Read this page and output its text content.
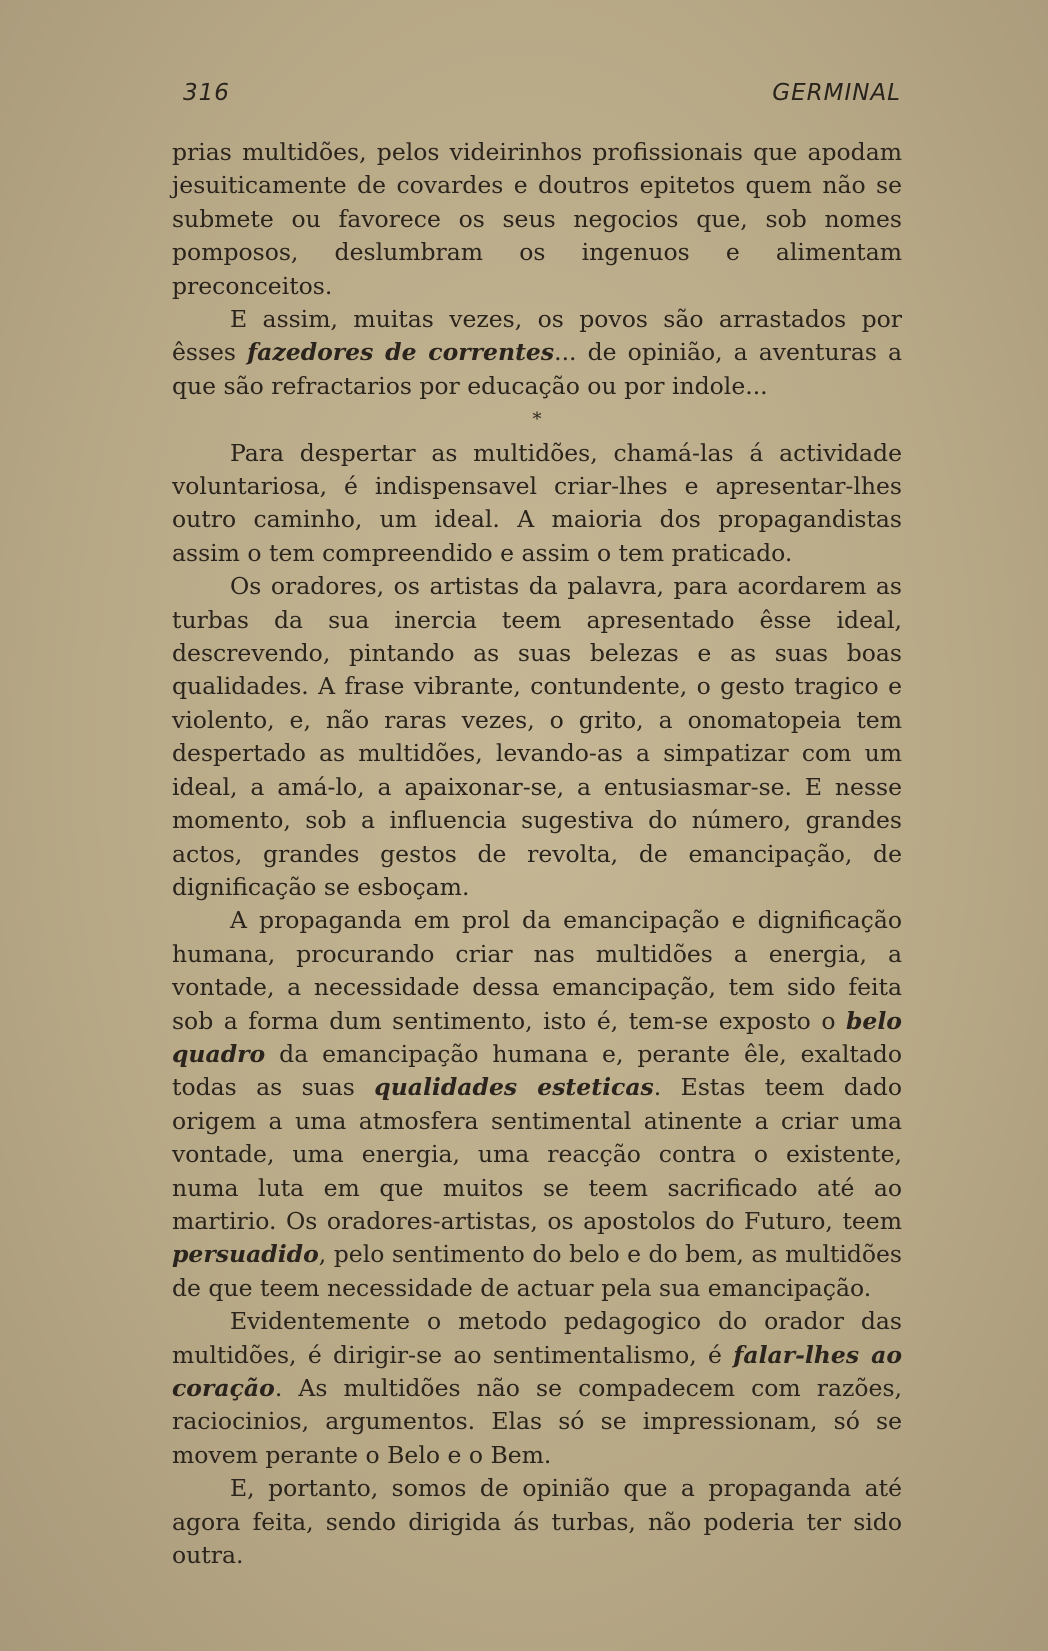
316	GERMINAL

prias multidões, pelos videirinhos profissionais que apodam jesuiticamente de covardes e doutros epitetos quem não se submete ou favorece os seus negocios que, sob nomes pomposos, deslumbram os ingenuos e alimentam preconceitos.

E assim, muitas vezes, os povos são arrastados por êsses fazedores de correntes... de opinião, a aventuras a que são refractarios por educação ou por indole...

*

Para despertar as multidões, chamá-las á actividade voluntariosa, é indispensavel criar-lhes e apresentar-lhes outro caminho, um ideal. A maioria dos propagandistas assim o tem compreendido e assim o tem praticado.

Os oradores, os artistas da palavra, para acordarem as turbas da sua inercia teem apresentado êsse ideal, descrevendo, pintando as suas belezas e as suas boas qualidades. A frase vibrante, contundente, o gesto tragico e violento, e, não raras vezes, o grito, a onomatopeia tem despertado as multidões, levando-as a simpatizar com um ideal, a amá-lo, a apaixonar-se, a entusiasmar-se. E nesse momento, sob a influencia sugestiva do número, grandes actos, grandes gestos de revolta, de emancipação, de dignificação se esboçam.

A propaganda em prol da emancipação e dignificação humana, procurando criar nas multidões a energia, a vontade, a necessidade dessa emancipação, tem sido feita sob a forma dum sentimento, isto é, tem-se exposto o belo quadro da emancipação humana e, perante êle, exaltado todas as suas qualidades esteticas. Estas teem dado origem a uma atmosfera sentimental atinente a criar uma vontade, uma energia, uma reacção contra o existente, numa luta em que muitos se teem sacrificado até ao martirio. Os oradores-artistas, os apostolos do Futuro, teem persuadido, pelo sentimento do belo e do bem, as multidões de que teem necessidade de actuar pela sua emancipação.

Evidentemente o metodo pedagogico do orador das multidões, é dirigir-se ao sentimentalismo, é falar-lhes ao coração. As multidões não se compadecem com razões, raciocinios, argumentos. Elas só se impressionam, só se movem perante o Belo e o Bem.

E, portanto, somos de opinião que a propaganda até agora feita, sendo dirigida ás turbas, não poderia ter sido outra.
